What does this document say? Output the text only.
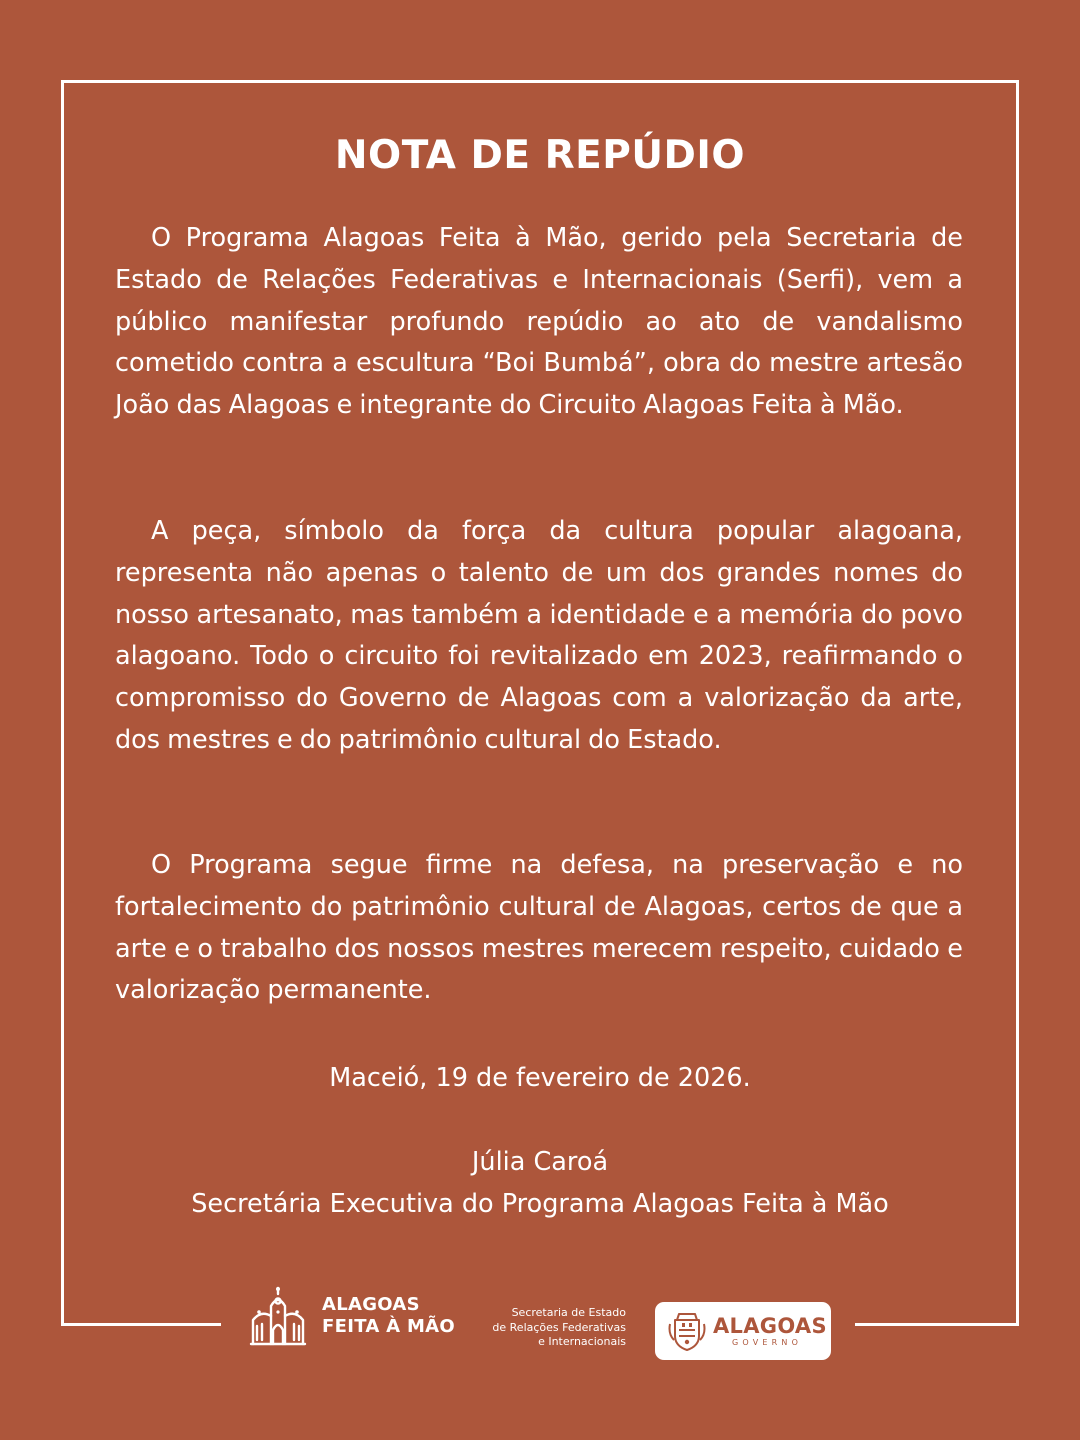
NOTA DE REPÚDIO

O Programa Alagoas Feita à Mão, gerido pela Secretaria de Estado de Relações Federativas e Internacionais (Serfi), vem a público manifestar profundo repúdio ao ato de vandalismo cometido contra a escultura “Boi Bumbá”, obra do mestre artesão João das Alagoas e integrante do Circuito Alagoas Feita à Mão.

A peça, símbolo da força da cultura popular alagoana, representa não apenas o talento de um dos grandes nomes do nosso artesanato, mas também a identidade e a memória do povo alagoano. Todo o circuito foi revitalizado em 2023, reafirmando o compromisso do Governo de Alagoas com a valorização da arte, dos mestres e do patrimônio cultural do Estado.

O Programa segue firme na defesa, na preservação e no fortalecimento do patrimônio cultural de Alagoas, certos de que a arte e o trabalho dos nossos mestres merecem respeito, cuidado e valorização permanente.

Maceió, 19 de fevereiro de 2026.
Júlia Caroá
Secretária Executiva do Programa Alagoas Feita à Mão
ALAGOAS
FEITA À MÃO
Secretaria de Estado
de Relações Federativas
e Internacionais
ALAGOAS
GOVERNO
